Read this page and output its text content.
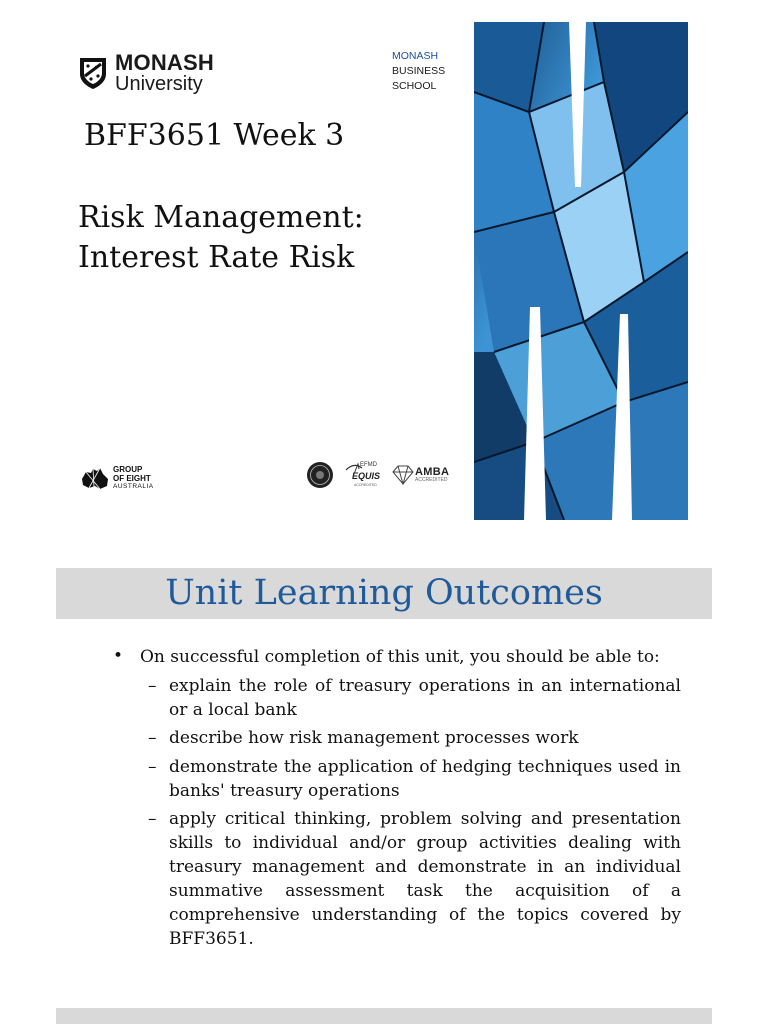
MONASH
University
MONASH
BUSINESS
SCHOOL
BFF3651 Week 3
Risk Management:
Interest Rate Risk
GROUP
OF EIGHT
AUSTRALIA
EFMD
EQUIS
ACCREDITED
AMBA
ACCREDITED
Unit Learning Outcomes
• On successful completion of this unit, you should be able to:
– explain the role of treasury operations in an international or a local bank
– describe how risk management processes work
– demonstrate the application of hedging techniques used in banks' treasury operations
– apply critical thinking, problem solving and presentation skills to individual and/or group activities dealing with treasury management and demonstrate in an individual summative assessment task the acquisition of a comprehensive understanding of the topics covered by BFF3651.
